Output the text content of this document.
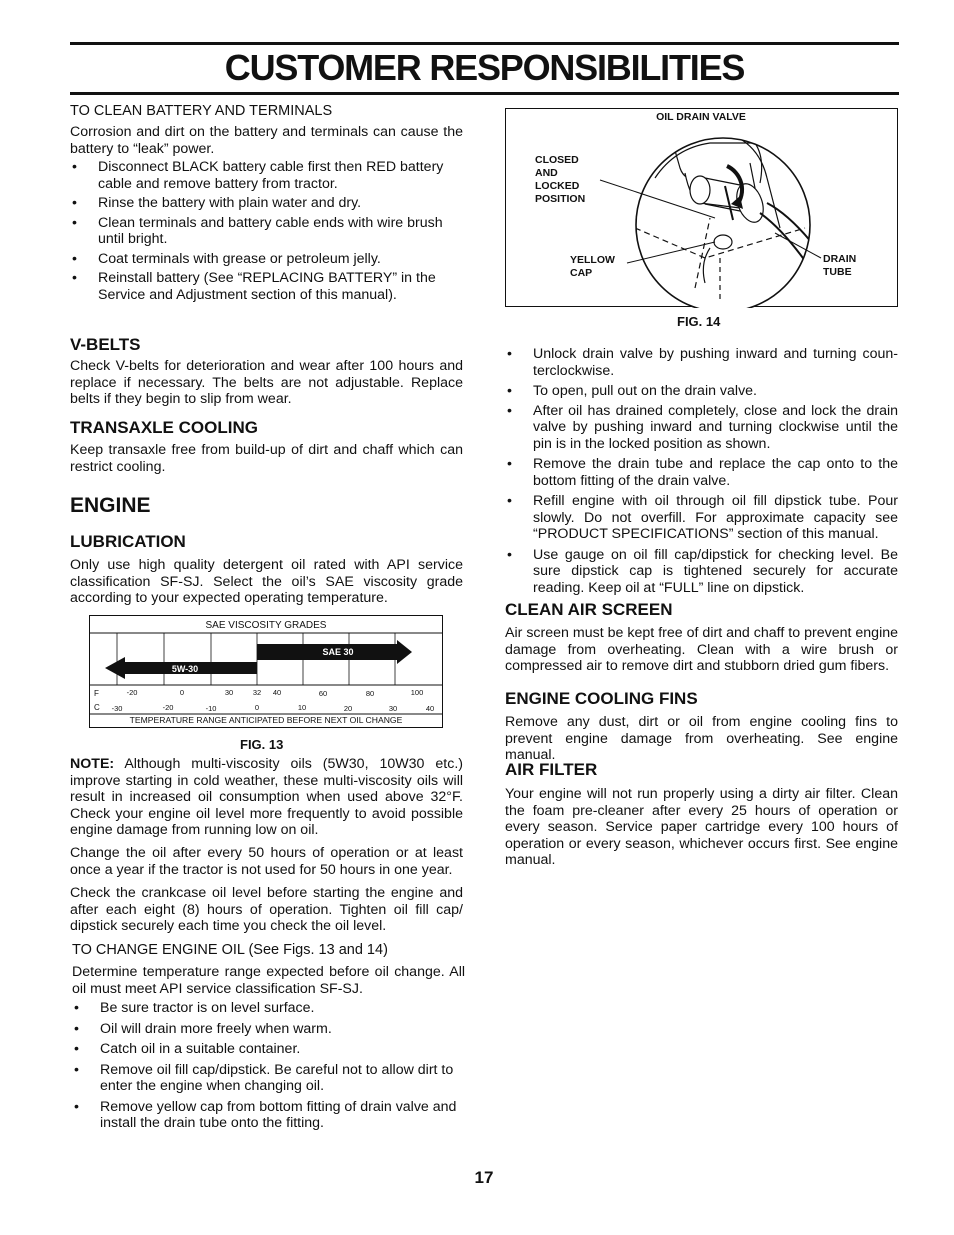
CUSTOMER RESPONSIBILITIES
TO CLEAN BATTERY AND TERMINALS

Corrosion and dirt on the battery and terminals can cause the battery to “leak” power.

• Disconnect BLACK battery cable first then RED battery cable and remove battery from tractor.
• Rinse the battery with plain water and dry.
• Clean terminals and battery cable ends with wire brush until bright.
• Coat terminals with grease or petroleum jelly.
• Reinstall battery (See “REPLACING BATTERY” in the Service and Adjustment section of this manual).
V-BELTS

Check V-belts for deterioration and wear after 100 hours and replace if necessary. The belts are not adjustable. Replace belts if they begin to slip from wear.

TRANSAXLE COOLING

Keep transaxle free from build-up of dirt and chaff which can restrict cooling.

ENGINE
LUBRICATION

Only use high quality detergent oil rated with API service classification SF-SJ. Select the oil’s SAE viscosity grade according to your expected operating temperature.

SAE VISCOSITY GRADES
5W-30
SAE 30
F
C
-20	0	30	32 40	60	80	100
-30	-20	-10	0	10	20	30	40
TEMPERATURE RANGE ANTICIPATED BEFORE NEXT OIL CHANGE
FIG. 13

NOTE: Although multi-viscosity oils (5W30, 10W30 etc.) improve starting in cold weather, these multi-viscosity oils will result in increased oil consumption when used above 32°F. Check your engine oil level more frequently to avoid possible engine damage from running low on oil.

Change the oil after every 50 hours of operation or at least once a year if the tractor is not used for 50 hours in one year.

Check the crankcase oil level before starting the engine and after each eight (8) hours of operation. Tighten oil fill cap/ dipstick securely each time you check the oil level.

TO CHANGE ENGINE OIL (See Figs. 13 and 14)

Determine temperature range expected before oil change. All oil must meet API service classification SF-SJ.

• Be sure tractor is on level surface.
• Oil will drain more freely when warm.
• Catch oil in a suitable container.
• Remove oil fill cap/dipstick. Be careful not to allow dirt to enter the engine when changing oil.
• Remove yellow cap from bottom fitting of drain valve and install the drain tube onto the fitting.
OIL DRAIN VALVE
CLOSED
AND
LOCKED
POSITION
YELLOW
CAP
DRAIN
TUBE
FIG. 14
• Unlock drain valve by pushing inward and turning coun-terclockwise.
• To open, pull out on the drain valve.
• After oil has drained completely, close and lock the drain valve by pushing inward and turning clockwise until the pin is in the locked position as shown.
• Remove the drain tube and replace the cap onto to the bottom fitting of the drain valve.
• Refill engine with oil through oil fill dipstick tube. Pour slowly. Do not overfill. For approximate capacity see “PRODUCT SPECIFICATIONS” section of this manual.
• Use gauge on oil fill cap/dipstick for checking level. Be sure dipstick cap is tightened securely for accurate reading. Keep oil at “FULL” line on dipstick.
CLEAN AIR SCREEN

Air screen must be kept free of dirt and chaff to prevent engine damage from overheating. Clean with a wire brush or compressed air to remove dirt and stubborn dried gum fibers.

ENGINE COOLING FINS

Remove any dust, dirt or oil from engine cooling fins to prevent engine damage from overheating. See engine manual.

AIR FILTER

Your engine will not run properly using a dirty air filter. Clean the foam pre-cleaner after every 25 hours of operation or every season. Service paper cartridge every 100 hours of operation or every season, whichever occurs first. See engine manual.

17
